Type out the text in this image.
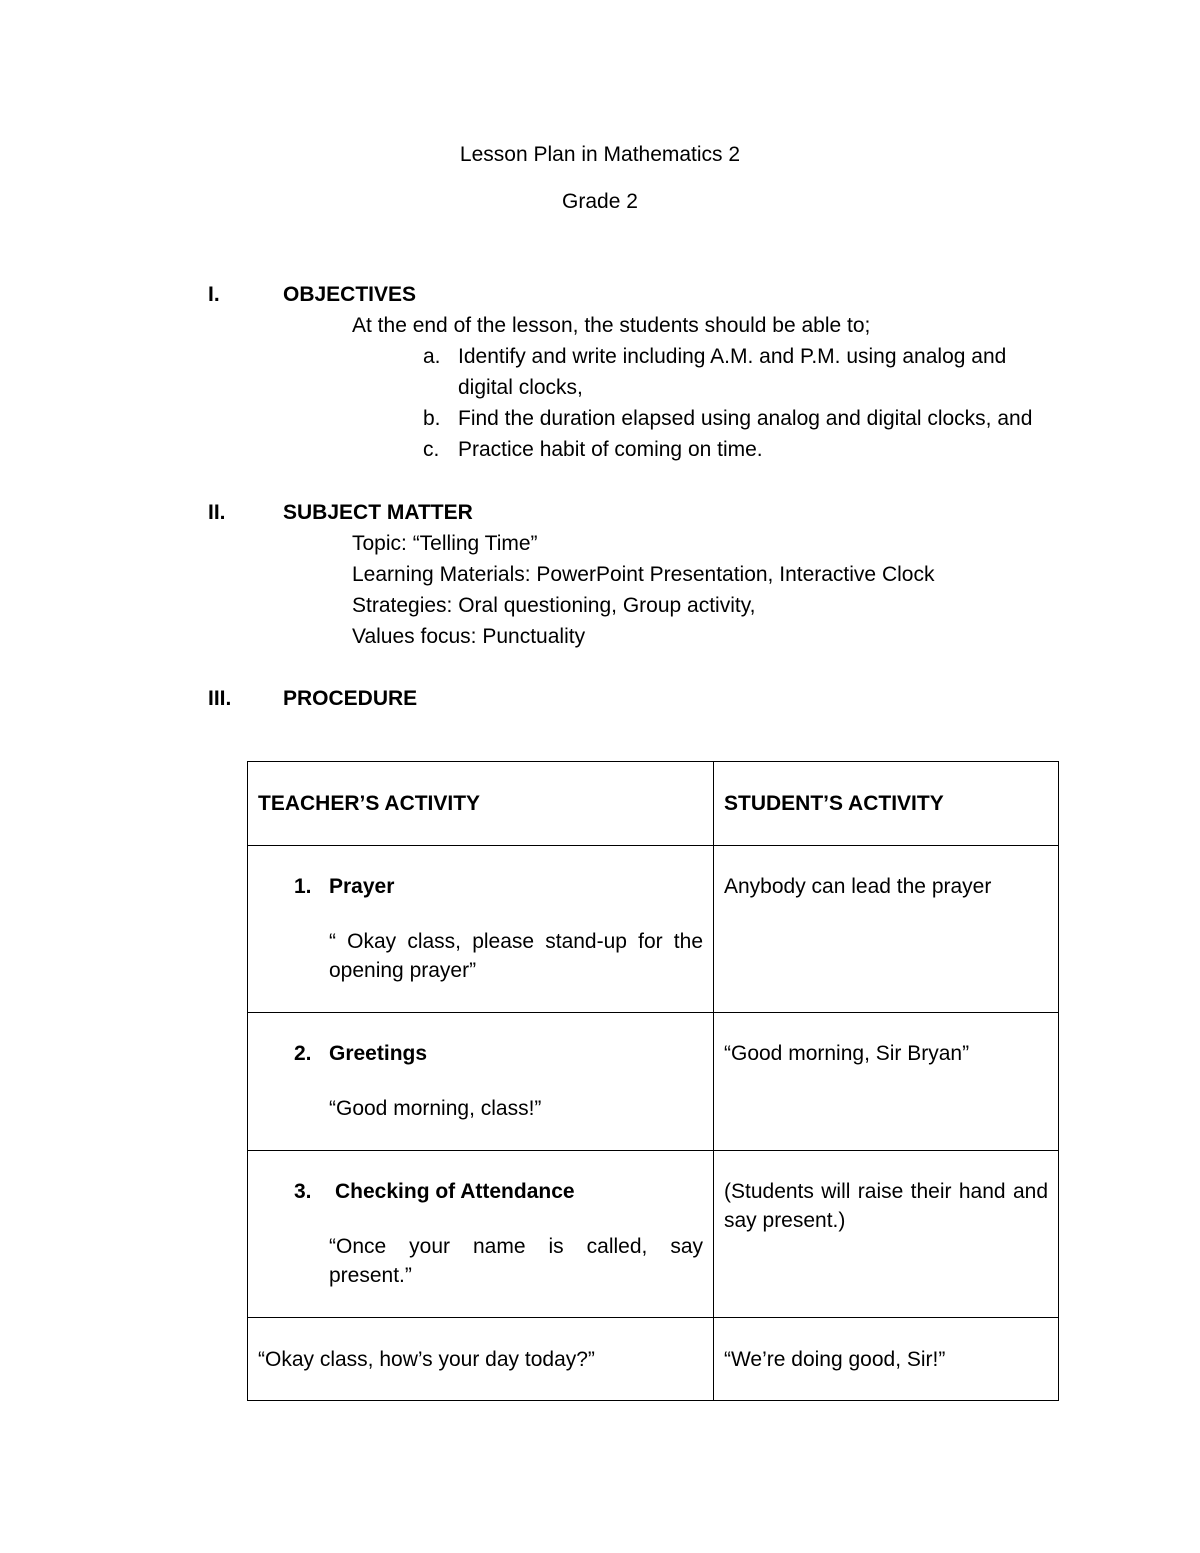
Lesson Plan in Mathematics 2
Grade 2
I.	OBJECTIVES
At the end of the lesson, the students should be able to;
a. Identify and write including A.M. and P.M. using analog and
digital clocks,
b. Find the duration elapsed using analog and digital clocks, and
c. Practice habit of coming on time.
II.	SUBJECT MATTER
Topic: “Telling Time”
Learning Materials: PowerPoint Presentation, Interactive Clock
Strategies: Oral questioning, Group activity,
Values focus: Punctuality
III. PROCEDURE
TEACHER’S ACTIVITY	STUDENT’S ACTIVITY

1. Prayer
“ Okay class, please stand-up for the opening prayer”	Anybody can lead the prayer

2. Greetings
“Good morning, class!”	“Good morning, Sir Bryan”

3. Checking of Attendance
“Once your name is called, say present.”	(Students will raise their hand and say present.)

“Okay class, how’s your day today?”	“We’re doing good, Sir!”
